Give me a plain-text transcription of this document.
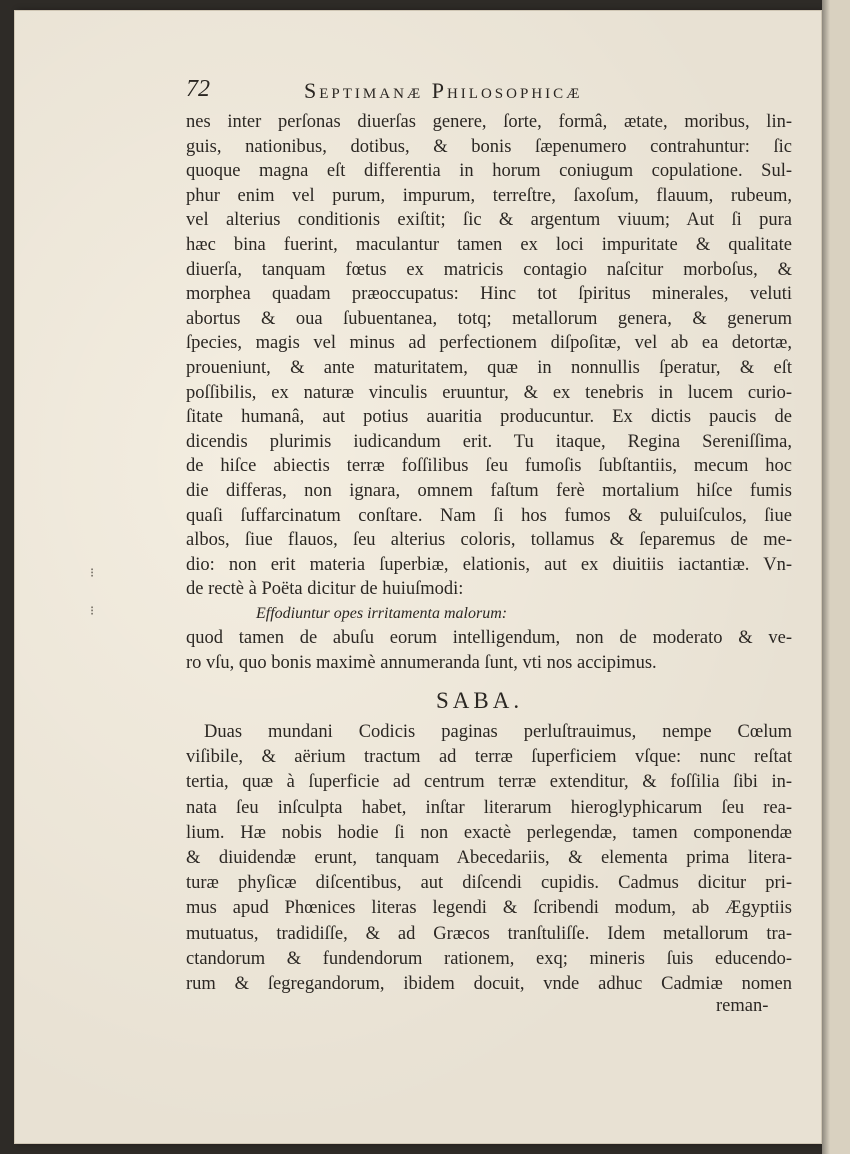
72	Septimanæ Philosophicæ
⁝
⁝
nes inter perſonas diuerſas genere, ſorte, formâ, ætate, moribus, lin-
guis, nationibus, dotibus, & bonis ſæpenumero contrahuntur: ſic
quoque magna eſt differentia in horum coniugum copulatione. Sul-
phur enim vel purum, impurum, terreſtre, ſaxoſum, flauum, rubeum,
vel alterius conditionis exiſtit; ſic & argentum viuum; Aut ſi pura
hæc bina fuerint, maculantur tamen ex loci impuritate & qualitate
diuerſa, tanquam fœtus ex matricis contagio naſcitur morboſus, &
morphea quadam præoccupatus: Hinc tot ſpiritus minerales, veluti
abortus & oua ſubuentanea, totq; metallorum genera, & generum
ſpecies, magis vel minus ad perfectionem diſpoſitæ, vel ab ea detortæ,
proueniunt, & ante maturitatem, quæ in nonnullis ſperatur, & eſt
poſſibilis, ex naturæ vinculis eruuntur, & ex tenebris in lucem curio-
ſitate humanâ, aut potius auaritia producuntur. Ex dictis paucis de
dicendis plurimis iudicandum erit. Tu itaque, Regina Sereniſſima,
de hiſce abiectis terræ foſſilibus ſeu fumoſis ſubſtantiis, mecum hoc
die differas, non ignara, omnem faſtum ferè mortalium hiſce fumis
quaſi ſuffarcinatum conſtare. Nam ſi hos fumos & puluiſculos, ſiue
albos, ſiue flauos, ſeu alterius coloris, tollamus & ſeparemus de me-
dio: non erit materia ſuperbiæ, elationis, aut ex diuitiis iactantiæ. Vn-
de rectè à Poëta dicitur de huiuſmodi:
Effodiuntur opes irritamenta malorum:
quod tamen de abuſu eorum intelligendum, non de moderato & ve-
ro vſu, quo bonis maximè annumeranda ſunt, vti nos accipimus.
SABA.
Duas mundani Codicis paginas perluſtrauimus, nempe Cœlum
viſibile, & aërium tractum ad terræ ſuperficiem vſque: nunc reſtat
tertia, quæ à ſuperficie ad centrum terræ extenditur, & foſſilia ſibi in-
nata ſeu inſculpta habet, inſtar literarum hieroglyphicarum ſeu rea-
lium. Hæ nobis hodie ſi non exactè perlegendæ, tamen componendæ
& diuidendæ erunt, tanquam Abecedariis, & elementa prima litera-
turæ phyſicæ diſcentibus, aut diſcendi cupidis. Cadmus dicitur pri-
mus apud Phœnices literas legendi & ſcribendi modum, ab Ægyptiis
mutuatus, tradidiſſe, & ad Græcos tranſtuliſſe. Idem metallorum tra-
ctandorum & fundendorum rationem, exq; mineris ſuis educendo-
rum & ſegregandorum, ibidem docuit, vnde adhuc Cadmiæ nomen
reman-
